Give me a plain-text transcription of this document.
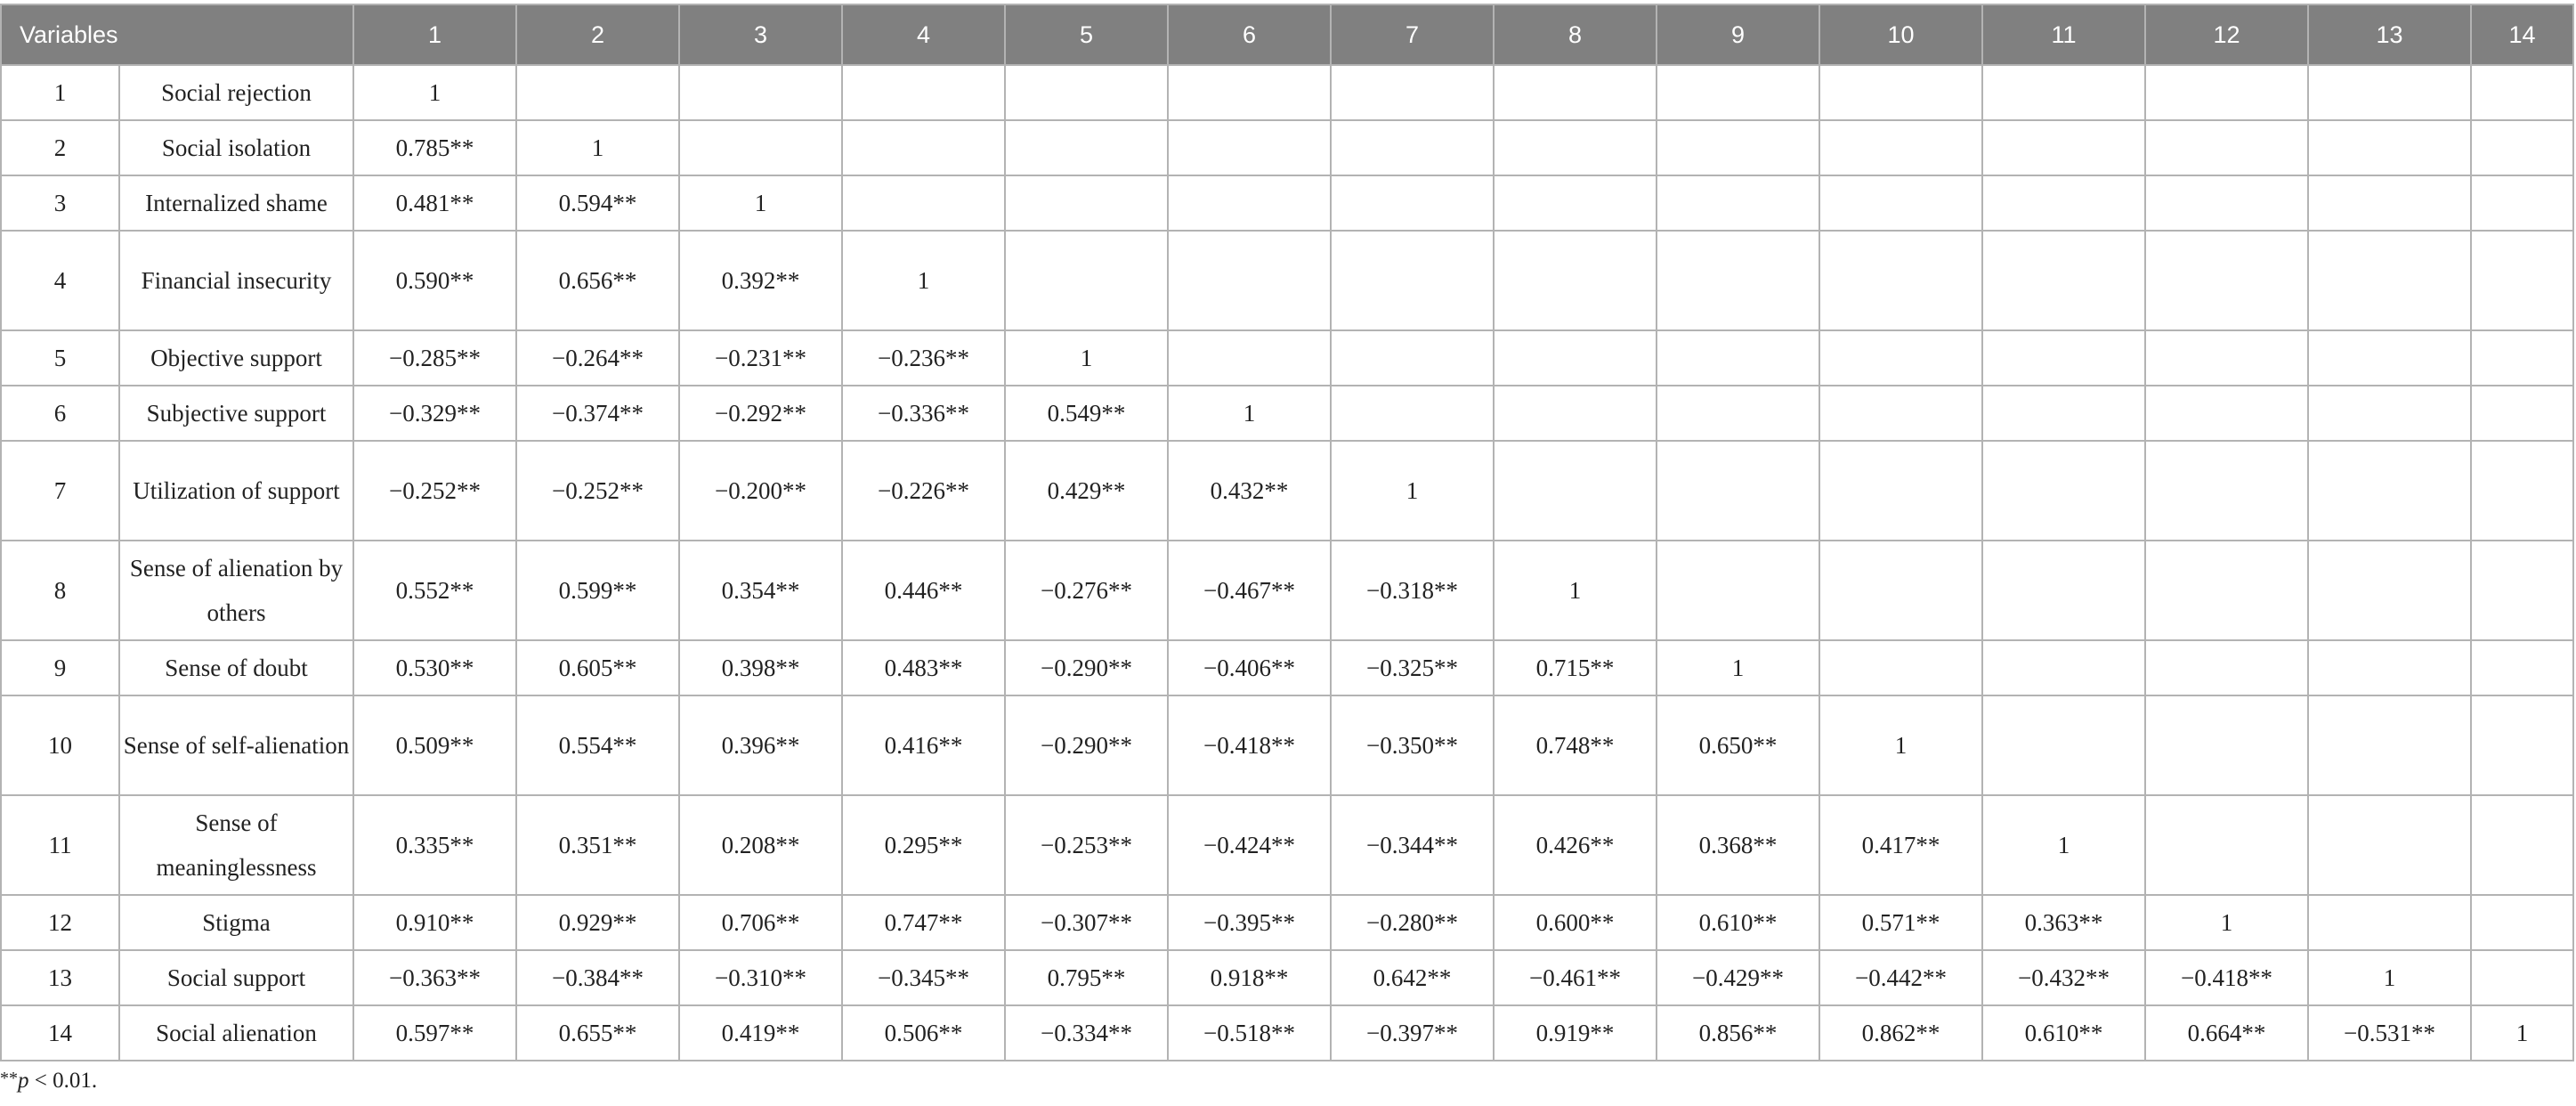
Variables		1	2	3	4	5	6	7	8	9	10	11	12	13	14
1	Social rejection	1													
2	Social isolation	0.785**	1												
3	Internalized shame	0.481**	0.594**	1											
4	Financial insecurity	0.590**	0.656**	0.392**	1										
5	Objective support	−0.285**	−0.264**	−0.231**	−0.236**	1									
6	Subjective support	−0.329**	−0.374**	−0.292**	−0.336**	0.549**	1								
7	Utilization of support	−0.252**	−0.252**	−0.200**	−0.226**	0.429**	0.432**	1							
8	Sense of alienation by others	0.552**	0.599**	0.354**	0.446**	−0.276**	−0.467**	−0.318**	1						
9	Sense of doubt	0.530**	0.605**	0.398**	0.483**	−0.290**	−0.406**	−0.325**	0.715**	1					
10	Sense of self-alienation	0.509**	0.554**	0.396**	0.416**	−0.290**	−0.418**	−0.350**	0.748**	0.650**	1				
11	Sense of meaninglessness	0.335**	0.351**	0.208**	0.295**	−0.253**	−0.424**	−0.344**	0.426**	0.368**	0.417**	1			
12	Stigma	0.910**	0.929**	0.706**	0.747**	−0.307**	−0.395**	−0.280**	0.600**	0.610**	0.571**	0.363**	1		
13	Social support	−0.363**	−0.384**	−0.310**	−0.345**	0.795**	0.918**	0.642**	−0.461**	−0.429**	−0.442**	−0.432**	−0.418**	1	
14	Social alienation	0.597**	0.655**	0.419**	0.506**	−0.334**	−0.518**	−0.397**	0.919**	0.856**	0.862**	0.610**	0.664**	−0.531**	1
**p < 0.01.
